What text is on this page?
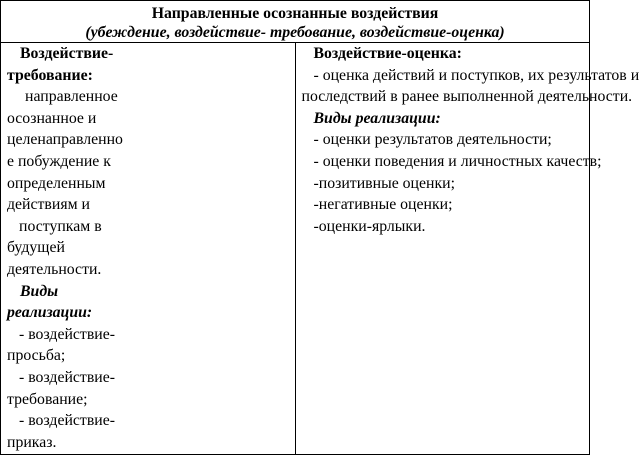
Направленные осознанные воздействия
(убеждение, воздействие- требование, воздействие-оценка)

Воздействие-
требование:
направленное
осознанное и
целенаправленно
е побуждение к
определенным
действиям и
поступкам в
будущей
деятельности.
Виды
реализации:
- воздействие-
просьба;
- воздействие-
требование;
- воздействие-
приказ.

Воздействие-оценка:
- оценка действий и поступков, их результатов и
последствий в ранее выполненной деятельности.
Виды реализации:
- оценки результатов деятельности;
- оценки поведения и личностных качеств;
-позитивные оценки;
-негативные оценки;
-оценки-ярлыки.
